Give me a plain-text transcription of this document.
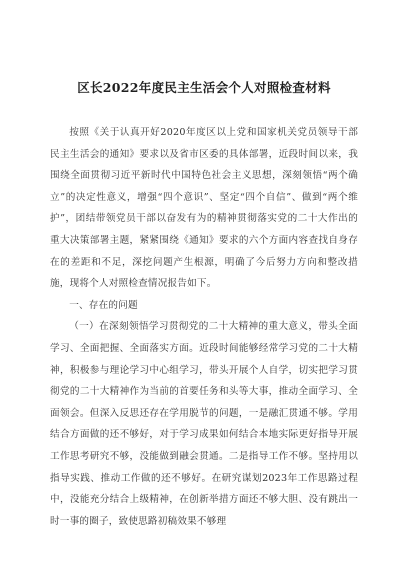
区长2022年度民主生活会个人对照检查材料

按照《关于认真开好2020年度区以上党和国家机关党员领导干部民主生活会的通知》要求以及省市区委的具体部署，近段时间以来，我围绕全面贯彻习近平新时代中国特色社会主义思想，深刻领悟“两个确立”的决定性意义，增强“四个意识”、坚定“四个自信”、做到“两个维护”，团结带领党员干部以奋发有为的精神贯彻落实党的二十大作出的重大决策部署主题，紧紧围绕《通知》要求的六个方面内容查找自身存在的差距和不足，深挖问题产生根源，明确了今后努力方向和整改措施，现将个人对照检查情况报告如下。

一、存在的问题

（一）在深刻领悟学习贯彻党的二十大精神的重大意义，带头全面学习、全面把握、全面落实方面。近段时间能够经常学习党的二十大精神，积极参与理论学习中心组学习，带头开展个人自学，切实把学习贯彻党的二十大精神作为当前的首要任务和头等大事，推动全面学习、全面领会。但深入反思还存在学用脱节的问题，一是融汇贯通不够。学用结合方面做的还不够好，对于学习成果如何结合本地实际更好指导开展工作思考研究不够，没能做到融会贯通。二是指导工作不够。坚持用以指导实践、推动工作做的还不够好。在研究谋划2023年工作思路过程中，没能充分结合上级精神，在创新举措方面还不够大胆、没有跳出一时一事的圈子，致使思路初稿效果不够理
